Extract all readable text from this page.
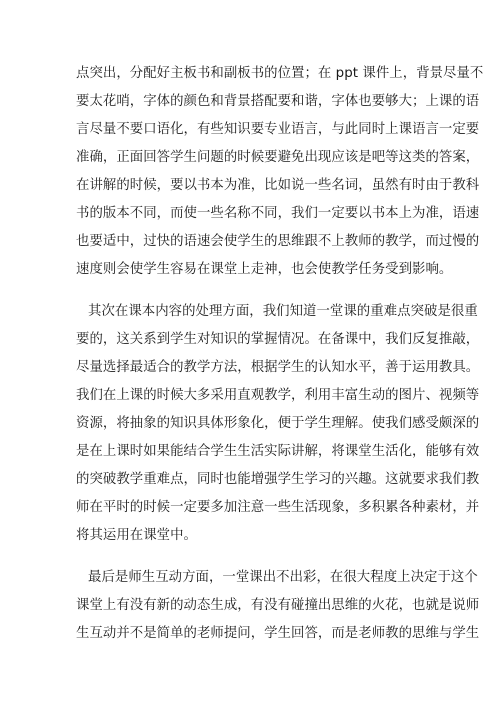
点突出，分配好主板书和副板书的位置；在 ppt 课件上，背景尽量不
要太花哨，字体的颜色和背景搭配要和谐，字体也要够大；上课的语
言尽量不要口语化，有些知识要专业语言，与此同时上课语言一定要
准确，正面回答学生问题的时候要避免出现应该是吧等这类的答案，
在讲解的时候，要以书本为准，比如说一些名词，虽然有时由于教科
书的版本不同，而使一些名称不同，我们一定要以书本上为准，语速
也要适中，过快的语速会使学生的思维跟不上教师的教学，而过慢的
速度则会使学生容易在课堂上走神，也会使教学任务受到影响。
其次在课本内容的处理方面，我们知道一堂课的重难点突破是很重
要的，这关系到学生对知识的掌握情况。在备课中，我们反复推敲，
尽量选择最适合的教学方法，根据学生的认知水平，善于运用教具。
我们在上课的时候大多采用直观教学，利用丰富生动的图片、视频等
资源，将抽象的知识具体形象化，便于学生理解。使我们感受颇深的
是在上课时如果能结合学生生活实际讲解，将课堂生活化，能够有效
的突破教学重难点，同时也能增强学生学习的兴趣。这就要求我们教
师在平时的时候一定要多加注意一些生活现象，多积累各种素材，并
将其运用在课堂中。
最后是师生互动方面，一堂课出不出彩，在很大程度上决定于这个
课堂上有没有新的动态生成，有没有碰撞出思维的火花，也就是说师
生互动并不是简单的老师提问，学生回答，而是老师教的思维与学生
